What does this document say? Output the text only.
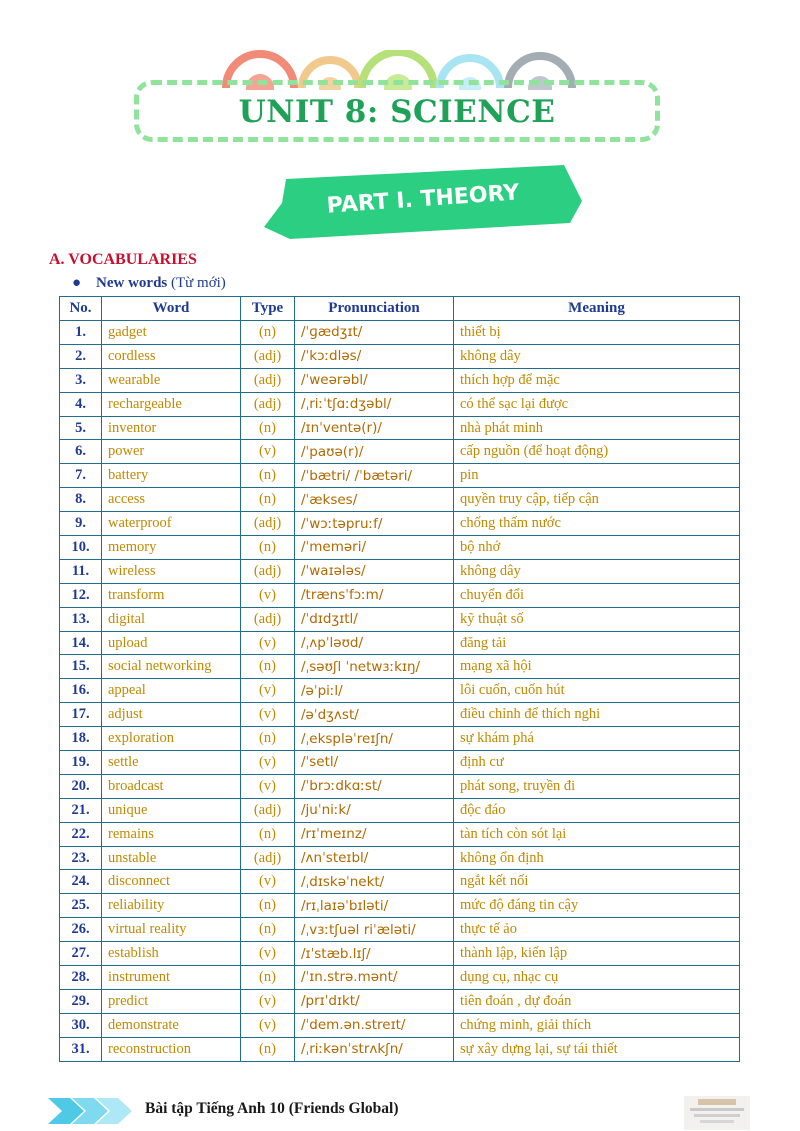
UNIT 8: SCIENCE
PART I. THEORY
A. VOCABULARIES
● New words (Từ mới)
No.	Word	Type	Pronunciation	Meaning
1.	gadget	(n)	/ˈɡædʒɪt/	thiết bị
2.	cordless	(adj)	/ˈkɔːdləs/	không dây
3.	wearable	(adj)	/ˈweərəbl/	thích hợp để mặc
4.	rechargeable	(adj)	/ˌriːˈtʃɑːdʒəbl/	có thể sạc lại được
5.	inventor	(n)	/ɪnˈventə(r)/	nhà phát minh
6.	power	(v)	/ˈpaʊə(r)/	cấp nguồn (để hoạt động)
7.	battery	(n)	/ˈbætri/ /ˈbætəri/	pin
8.	access	(n)	/ˈækses/	quyền truy cập, tiếp cận
9.	waterproof	(adj)	/ˈwɔːtəpruːf/	chống thấm nước
10.	memory	(n)	/ˈmeməri/	bộ nhớ
11.	wireless	(adj)	/ˈwaɪələs/	không dây
12.	transform	(v)	/trænsˈfɔːm/	chuyển đổi
13.	digital	(adj)	/ˈdɪdʒɪtl/	kỹ thuật số
14.	upload	(v)	/ˌʌpˈləʊd/	đăng tải
15.	social networking	(n)	/ˌsəʊʃl ˈnetwɜːkɪŋ/	mạng xã hội
16.	appeal	(v)	/əˈpiːl/	lôi cuốn, cuốn hút
17.	adjust	(v)	/əˈdʒʌst/	điều chỉnh để thích nghi
18.	exploration	(n)	/ˌekspləˈreɪʃn/	sự khám phá
19.	settle	(v)	/ˈsetl/	định cư
20.	broadcast	(v)	/ˈbrɔːdkɑːst/	phát song, truyền đi
21.	unique	(adj)	/juˈniːk/	độc đáo
22.	remains	(n)	/rɪˈmeɪnz/	tàn tích còn sót lại
23.	unstable	(adj)	/ʌnˈsteɪbl/	không ổn định
24.	disconnect	(v)	/ˌdɪskəˈnekt/	ngắt kết nối
25.	reliability	(n)	/rɪˌlaɪəˈbɪləti/	mức độ đáng tin cậy
26.	virtual reality	(n)	/ˌvɜːtʃuəl riˈæləti/	thực tế ảo
27.	establish	(v)	/ɪˈstæb.lɪʃ/	thành lập, kiến lập
28.	instrument	(n)	/ˈɪn.strə.mənt/	dụng cụ, nhạc cụ
29.	predict	(v)	/prɪˈdɪkt/	tiên đoán , dự đoán
30.	demonstrate	(v)	/ˈdem.ən.streɪt/	chứng minh, giải thích
31.	reconstruction	(n)	/ˌriːkənˈstrʌkʃn/	sự xây dựng lại, sự tái thiết
Bài tập Tiếng Anh 10 (Friends Global)
